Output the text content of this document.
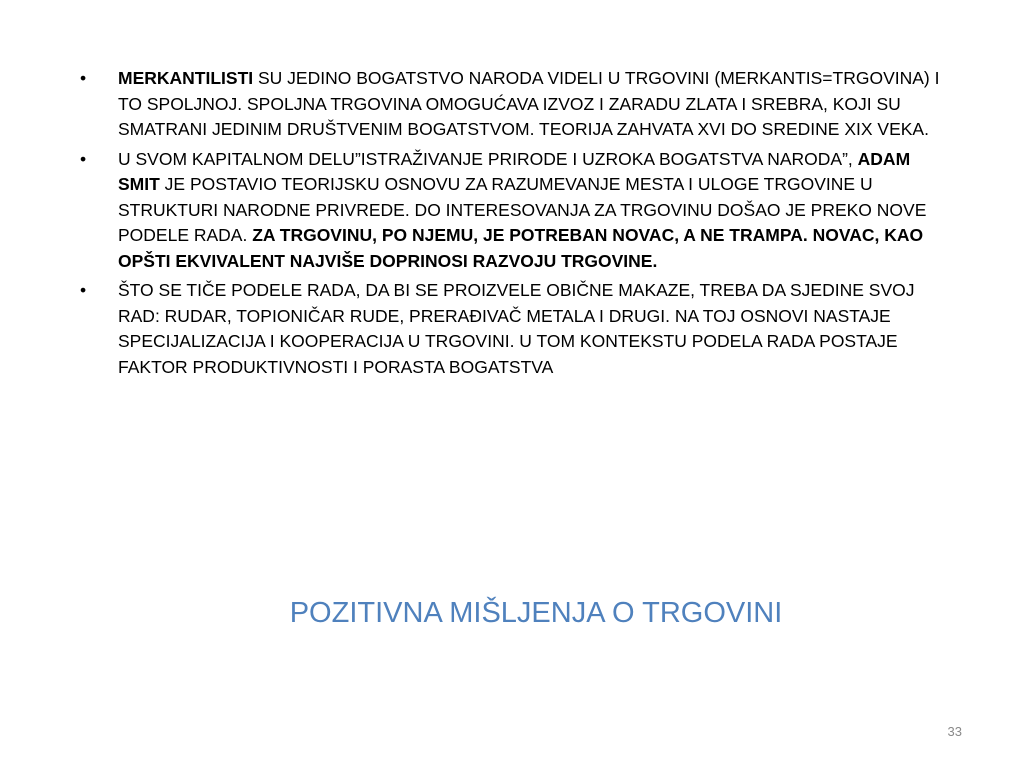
• MERKANTILISTI SU JEDINO BOGATSTVO NARODA VIDELI U TRGOVINI (MERKANTIS=TRGOVINA) I TO SPOLJNOJ. SPOLJNA TRGOVINA OMOGUĆAVA IZVOZ I ZARADU ZLATA I SREBRA, KOJI SU SMATRANI JEDINIM DRUŠTVENIM BOGATSTVOM. TEORIJA ZAHVATA XVI DO SREDINE XIX VEKA.
• U SVOM KAPITALNOM DELU”ISTRAŽIVANJE PRIRODE I UZROKA BOGATSTVA NARODA”, ADAM SMIT JE POSTAVIO TEORIJSKU OSNOVU ZA RAZUMEVANJE MESTA I ULOGE TRGOVINE U STRUKTURI NARODNE PRIVREDE. DO INTERESOVANJA ZA TRGOVINU DOŠAO JE PREKO NOVE PODELE RADA. ZA TRGOVINU, PO NJEMU, JE POTREBAN NOVAC, A NE TRAMPA. NOVAC, KAO OPŠTI EKVIVALENT NAJVIŠE DOPRINOSI RAZVOJU TRGOVINE.
• ŠTO SE TIČE PODELE RADA, DA BI SE PROIZVELE OBIČNE MAKAZE, TREBA DA SJEDINE SVOJ RAD: RUDAR, TOPIONIČAR RUDE, PRERAĐIVAČ METALA I DRUGI. NA TOJ OSNOVI NASTAJE SPECIJALIZACIJA I KOOPERACIJA U TRGOVINI. U TOM KONTEKSTU PODELA RADA POSTAJE FAKTOR PRODUKTIVNOSTI I PORASTA BOGATSTVA
POZITIVNA MIŠLJENJA O TRGOVINI
33
